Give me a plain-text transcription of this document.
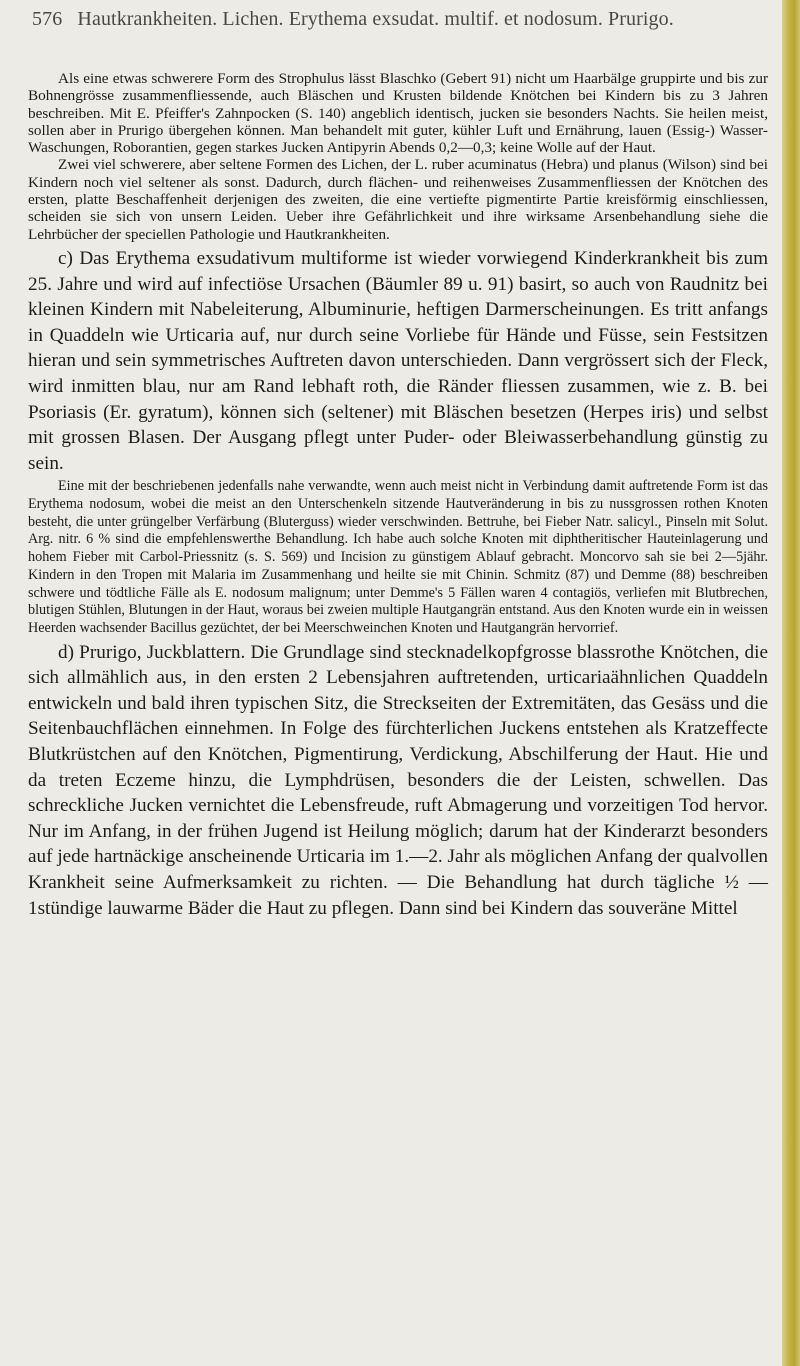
576 Hautkrankheiten. Lichen. Erythema exsudat. multif. et nodosum. Prurigo.

Als eine etwas schwerere Form des Strophulus lässt Blaschko (Gebert 91) nicht um Haarbälge gruppirte und bis zur Bohnengrösse zusammenfliessende, auch Bläschen und Krusten bildende Knötchen bei Kindern bis zu 3 Jahren beschreiben. Mit E. Pfeiffer's Zahnpocken (S. 140) angeblich identisch, jucken sie besonders Nachts. Sie heilen meist, sollen aber in Prurigo übergehen können. Man behandelt mit guter, kühler Luft und Ernährung, lauen (Essig-) Wasser-Waschungen, Roborantien, gegen starkes Jucken Antipyrin Abends 0,2—0,3; keine Wolle auf der Haut.

Zwei viel schwerere, aber seltene Formen des Lichen, der L. ruber acuminatus (Hebra) und planus (Wilson) sind bei Kindern noch viel seltener als sonst. Dadurch, durch flächen- und reihenweises Zusammenfliessen der Knötchen des ersten, platte Beschaffenheit derjenigen des zweiten, die eine vertiefte pigmentirte Partie kreisförmig einschliessen, scheiden sie sich von unsern Leiden. Ueber ihre Gefährlichkeit und ihre wirksame Arsenbehandlung siehe die Lehrbücher der speciellen Pathologie und Hautkrankheiten.

c) Das Erythema exsudativum multiforme ist wieder vorwiegend Kinderkrankheit bis zum 25. Jahre und wird auf infectiöse Ursachen (Bäumler 89 u. 91) basirt, so auch von Raudnitz bei kleinen Kindern mit Nabeleiterung, Albuminurie, heftigen Darmerscheinungen. Es tritt anfangs in Quaddeln wie Urticaria auf, nur durch seine Vorliebe für Hände und Füsse, sein Festsitzen hieran und sein symmetrisches Auftreten davon unterschieden. Dann vergrössert sich der Fleck, wird inmitten blau, nur am Rand lebhaft roth, die Ränder fliessen zusammen, wie z. B. bei Psoriasis (Er. gyratum), können sich (seltener) mit Bläschen besetzen (Herpes iris) und selbst mit grossen Blasen. Der Ausgang pflegt unter Puder- oder Bleiwasserbehandlung günstig zu sein.

Eine mit der beschriebenen jedenfalls nahe verwandte, wenn auch meist nicht in Verbindung damit auftretende Form ist das Erythema nodosum, wobei die meist an den Unterschenkeln sitzende Hautveränderung in bis zu nussgrossen rothen Knoten besteht, die unter grüngelber Verfärbung (Bluterguss) wieder verschwinden. Bettruhe, bei Fieber Natr. salicyl., Pinseln mit Solut. Arg. nitr. 6 % sind die empfehlenswerthe Behandlung. Ich habe auch solche Knoten mit diphtheritischer Hauteinlagerung und hohem Fieber mit Carbol-Priessnitz (s. S. 569) und Incision zu günstigem Ablauf gebracht. Moncorvo sah sie bei 2—5jähr. Kindern in den Tropen mit Malaria im Zusammenhang und heilte sie mit Chinin. Schmitz (87) und Demme (88) beschreiben schwere und tödtliche Fälle als E. nodosum malignum; unter Demme's 5 Fällen waren 4 contagiös, verliefen mit Blutbrechen, blutigen Stühlen, Blutungen in der Haut, woraus bei zweien multiple Hautgangrän entstand. Aus den Knoten wurde ein in weissen Heerden wachsender Bacillus gezüchtet, der bei Meerschweinchen Knoten und Hautgangrän hervorrief.

d) Prurigo, Juckblattern. Die Grundlage sind stecknadelkopfgrosse blassrothe Knötchen, die sich allmählich aus, in den ersten 2 Lebensjahren auftretenden, urticariaähnlichen Quaddeln entwickeln und bald ihren typischen Sitz, die Streckseiten der Extremitäten, das Gesäss und die Seitenbauchflächen einnehmen. In Folge des fürchterlichen Juckens entstehen als Kratzeffecte Blutkrüstchen auf den Knötchen, Pigmentirung, Verdickung, Abschilferung der Haut. Hie und da treten Eczeme hinzu, die Lymphdrüsen, besonders die der Leisten, schwellen. Das schreckliche Jucken vernichtet die Lebensfreude, ruft Abmagerung und vorzeitigen Tod hervor. Nur im Anfang, in der frühen Jugend ist Heilung möglich; darum hat der Kinderarzt besonders auf jede hartnäckige anscheinende Urticaria im 1.—2. Jahr als möglichen Anfang der qualvollen Krankheit seine Aufmerksamkeit zu richten. — Die Behandlung hat durch tägliche ½ — 1stündige lauwarme Bäder die Haut zu pflegen. Dann sind bei Kindern das souveräne Mittel
